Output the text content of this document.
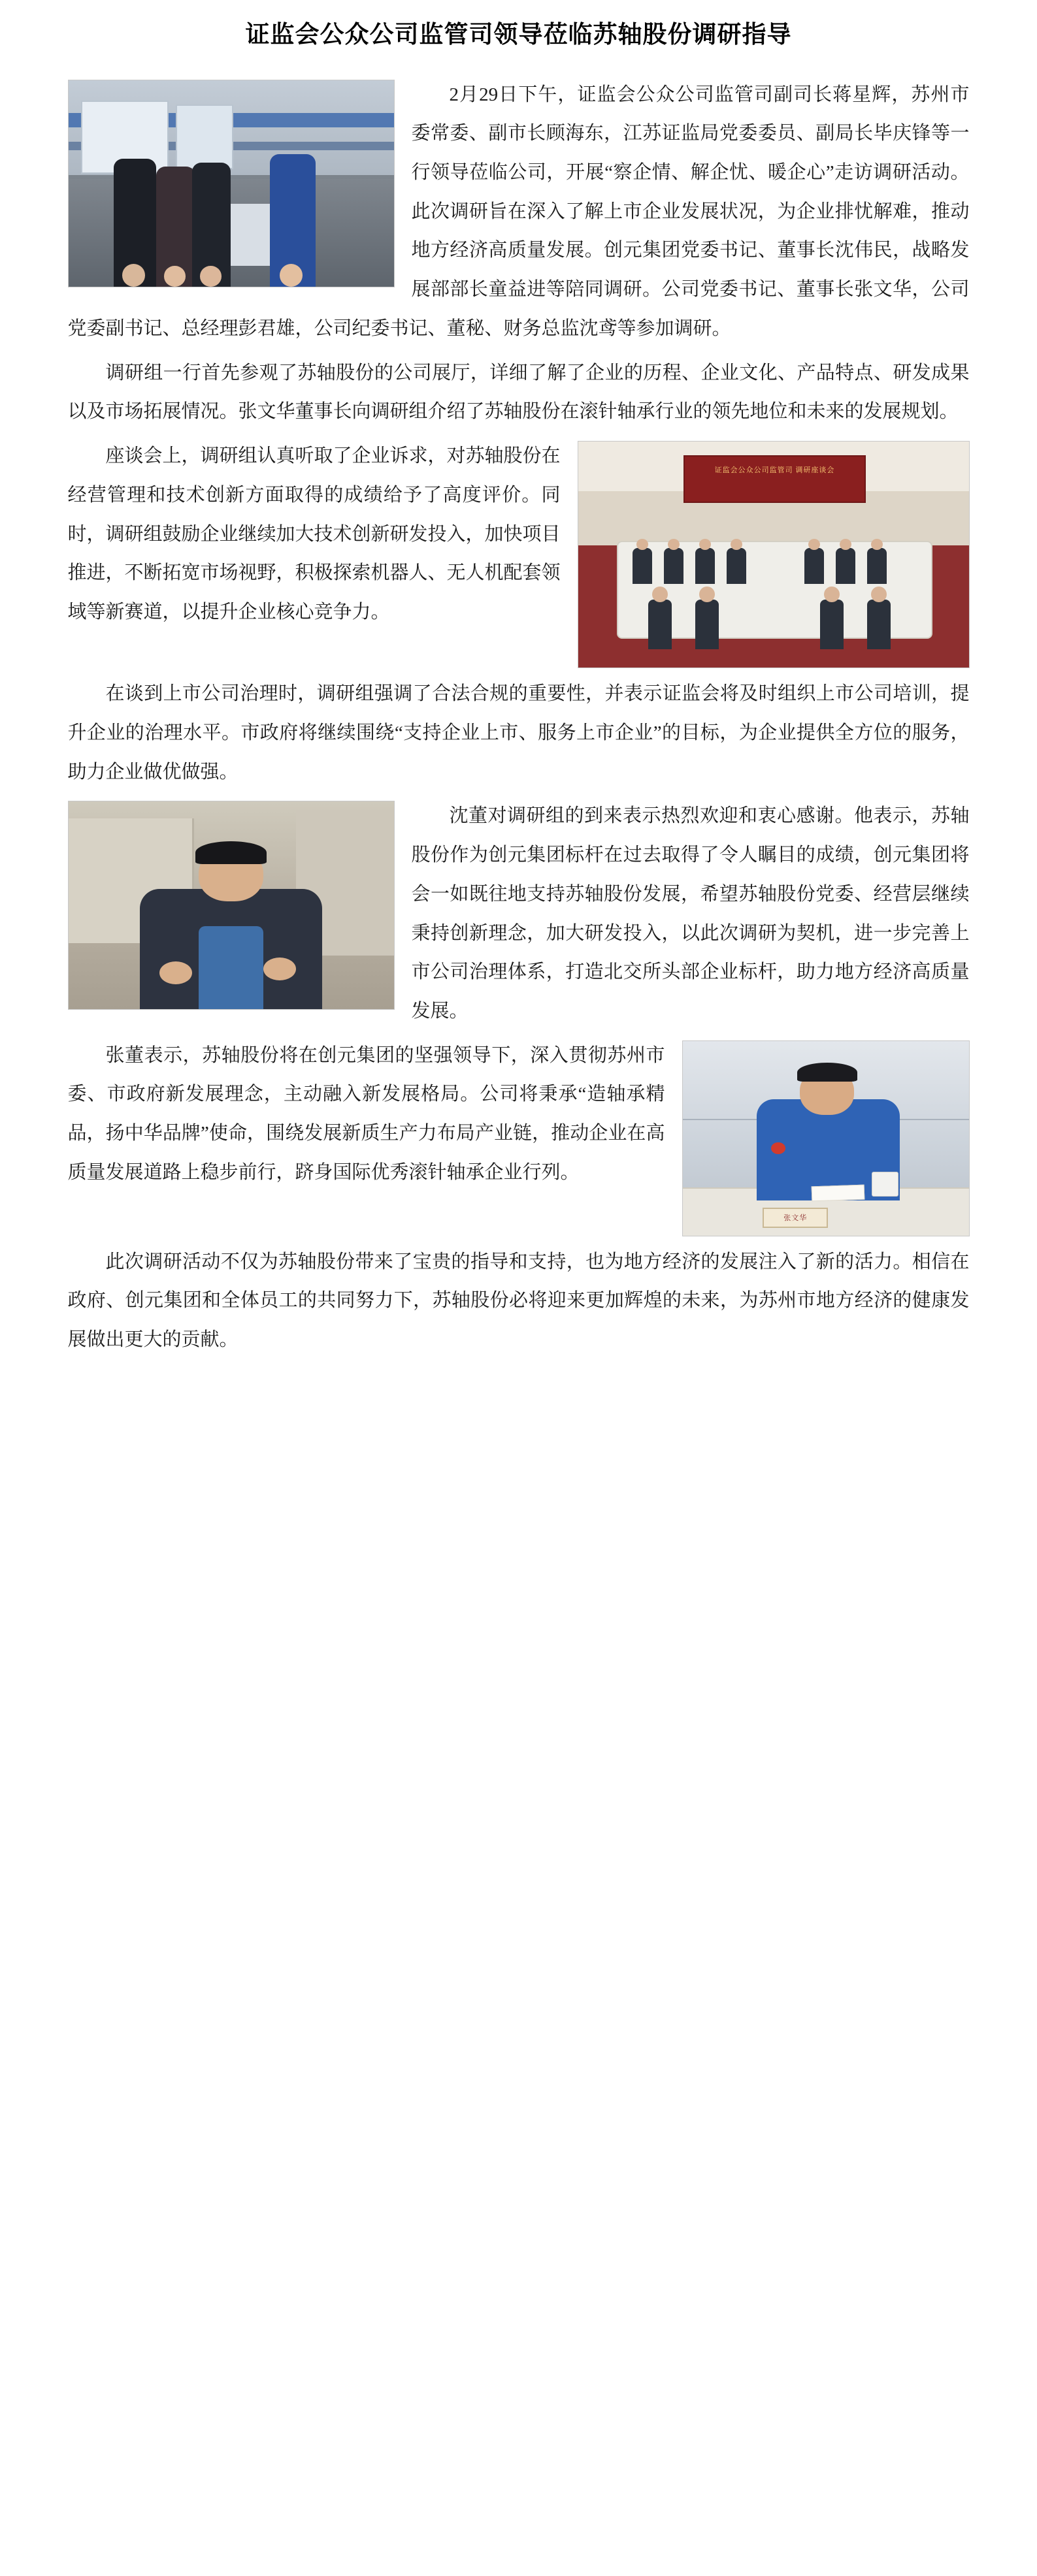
证监会公众公司监管司领导莅临苏轴股份调研指导

2月29日下午，证监会公众公司监管司副司长蒋星辉，苏州市委常委、副市长顾海东，江苏证监局党委委员、副局长毕庆锋等一行领导莅临公司，开展“察企情、解企忧、暖企心”走访调研活动。此次调研旨在深入了解上市企业发展状况，为企业排忧解难，推动地方经济高质量发展。创元集团党委书记、董事长沈伟民，战略发展部部长童益进等陪同调研。公司党委书记、董事长张文华，公司党委副书记、总经理彭君雄，公司纪委书记、董秘、财务总监沈鸢等参加调研。

调研组一行首先参观了苏轴股份的公司展厅，详细了解了企业的历程、企业文化、产品特点、研发成果以及市场拓展情况。张文华董事长向调研组介绍了苏轴股份在滚针轴承行业的领先地位和未来的发展规划。

证监会公众公司监管司 调研座谈会

座谈会上，调研组认真听取了企业诉求，对苏轴股份在经营管理和技术创新方面取得的成绩给予了高度评价。同时，调研组鼓励企业继续加大技术创新研发投入，加快项目推进，不断拓宽市场视野，积极探索机器人、无人机配套领域等新赛道，以提升企业核心竞争力。

在谈到上市公司治理时，调研组强调了合法合规的重要性，并表示证监会将及时组织上市公司培训，提升企业的治理水平。市政府将继续围绕“支持企业上市、服务上市企业”的目标，为企业提供全方位的服务，助力企业做优做强。

沈董对调研组的到来表示热烈欢迎和衷心感谢。他表示，苏轴股份作为创元集团标杆在过去取得了令人瞩目的成绩，创元集团将会一如既往地支持苏轴股份发展，希望苏轴股份党委、经营层继续秉持创新理念，加大研发投入，以此次调研为契机，进一步完善上市公司治理体系，打造北交所头部企业标杆，助力地方经济高质量发展。

张文华

张董表示，苏轴股份将在创元集团的坚强领导下，深入贯彻苏州市委、市政府新发展理念，主动融入新发展格局。公司将秉承“造轴承精品，扬中华品牌”使命，围绕发展新质生产力布局产业链，推动企业在高质量发展道路上稳步前行，跻身国际优秀滚针轴承企业行列。

此次调研活动不仅为苏轴股份带来了宝贵的指导和支持，也为地方经济的发展注入了新的活力。相信在政府、创元集团和全体员工的共同努力下，苏轴股份必将迎来更加辉煌的未来，为苏州市地方经济的健康发展做出更大的贡献。
